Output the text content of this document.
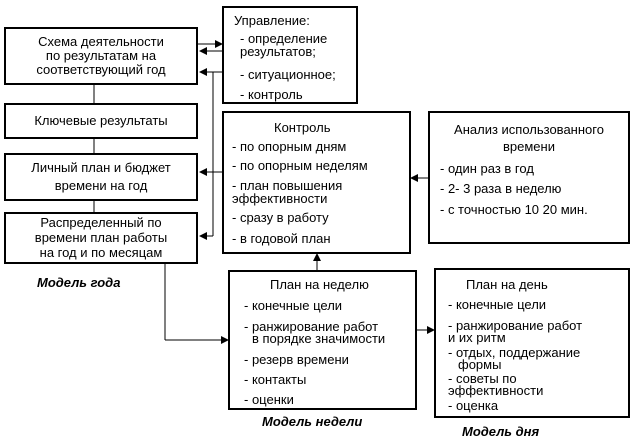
Схема деятельности
по результатам на
соответствующий год
Ключевые результаты
Личный план и бюджет
времени на год
Распределенный по
времени план работы
на год и по месяцам
Управление:
- определение
результатов;
- ситуационное;
- контроль
Контроль
- по опорным дням
- по опорным неделям
- план повышения
эффективности
- сразу в работу
- в годовой план
Анализ использованного
времени
- один раз в год
- 2- 3 раза в неделю
- с точностью 10 20 мин.
План на неделю
- конечные цели
- ранжирование работ
в порядке значимости
- резерв времени
- контакты
- оценки
План на день
- конечные цели
- ранжирование работ
и их ритм
- отдых, поддержание
формы
- советы по
эффективности
- оценка
Модель года
Модель недели
Модель дня
